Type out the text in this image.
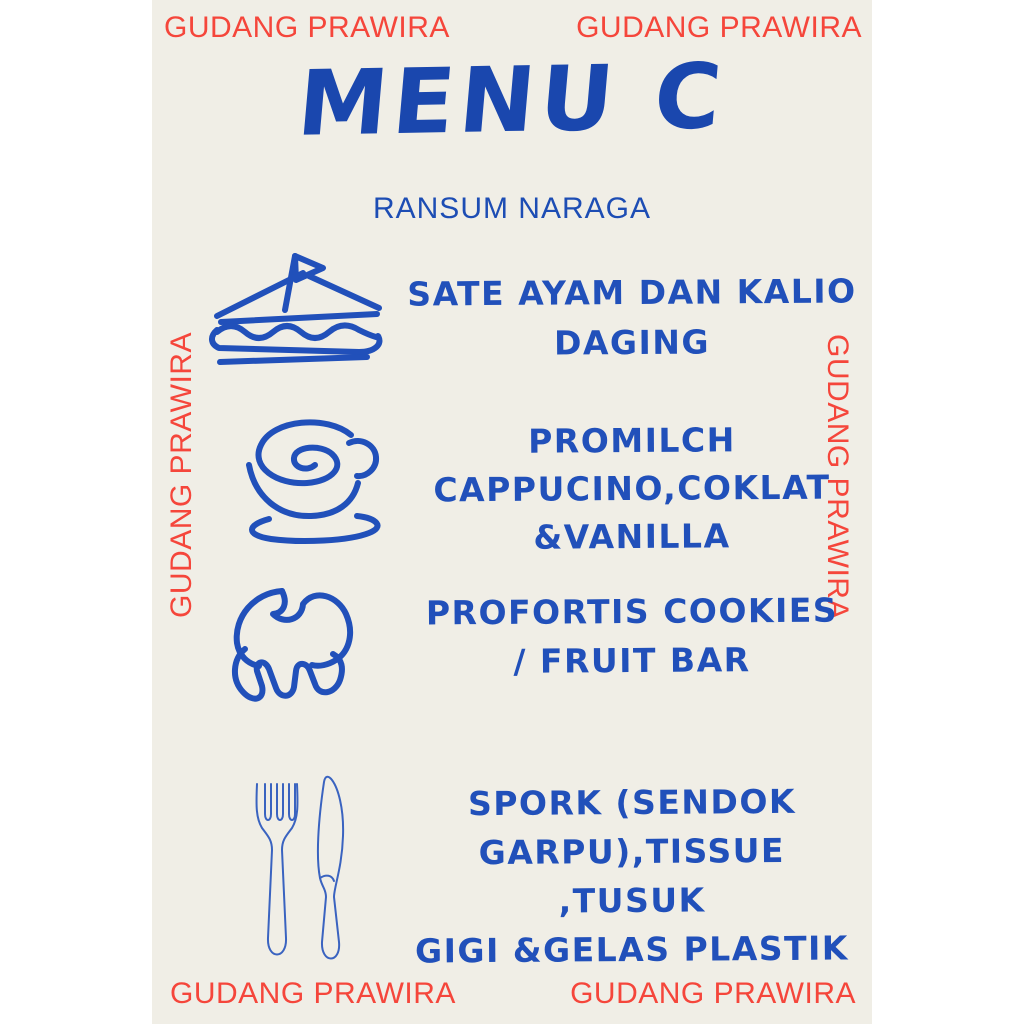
GUDANG PRAWIRA	GUDANG PRAWIRA
GUDANG PRAWIRA	GUDANG PRAWIRA
MENU C
RANSUM NARAGA
SATE AYAM DAN KALIO
DAGING
PROMILCH
CAPPUCINO,COKLAT
&VANILLA
PROFORTIS COOKIES
/ FRUIT BAR
SPORK (SENDOK
GARPU),TISSUE ,TUSUK
GIGI &GELAS PLASTIK
GUDANG PRAWIRA	GUDANG PRAWIRA
